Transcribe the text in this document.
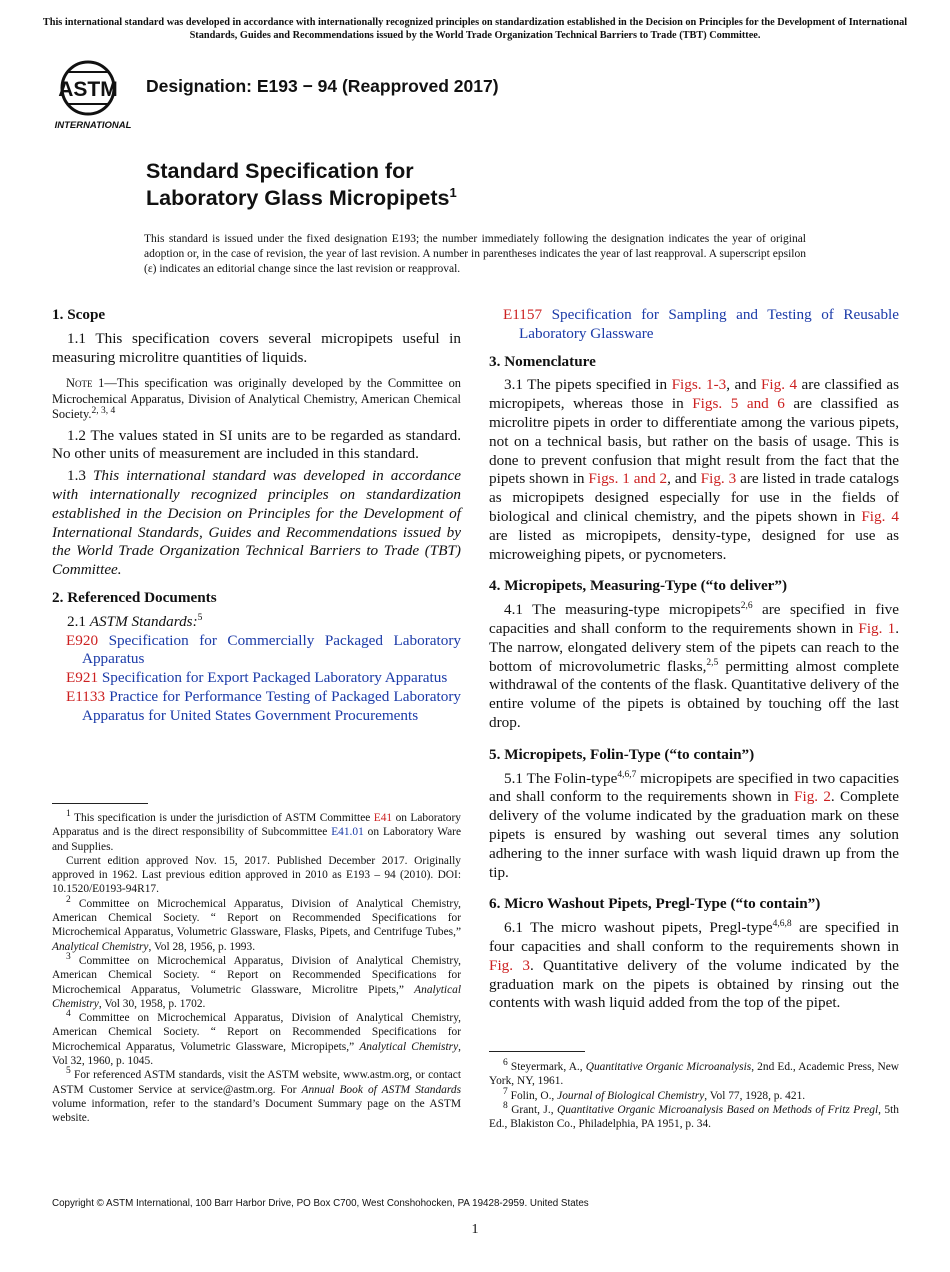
This international standard was developed in accordance with internationally recognized principles on standardization established in the Decision on Principles for the Development of International Standards, Guides and Recommendations issued by the World Trade Organization Technical Barriers to Trade (TBT) Committee.
ASTM
INTERNATIONAL
Designation: E193 − 94 (Reapproved 2017)
Standard Specification for
Laboratory Glass Micropipets$^1$
This standard is issued under the fixed designation E193; the number immediately following the designation indicates the year of original adoption or, in the case of revision, the year of last revision. A number in parentheses indicates the year of last reapproval. A superscript epsilon (ε) indicates an editorial change since the last revision or reapproval.
1. Scope

1.1 This specification covers several micropipets useful in measuring microlitre quantities of liquids.

Note 1—This specification was originally developed by the Committee on Microchemical Apparatus, Division of Analytical Chemistry, American Chemical Society.$^{2, 3, 4}$

1.2 The values stated in SI units are to be regarded as standard. No other units of measurement are included in this standard.

1.3 This international standard was developed in accordance with internationally recognized principles on standardization established in the Decision on Principles for the Development of International Standards, Guides and Recommendations issued by the World Trade Organization Technical Barriers to Trade (TBT) Committee.

2. Referenced Documents

2.1 ASTM Standards:$^5$

E920 Specification for Commercially Packaged Laboratory Apparatus

E921 Specification for Export Packaged Laboratory Apparatus

E1133 Practice for Performance Testing of Packaged Laboratory Apparatus for United States Government Procurements

$^1$ This specification is under the jurisdiction of ASTM Committee E41 on Laboratory Apparatus and is the direct responsibility of Subcommittee E41.01 on Laboratory Ware and Supplies.

Current edition approved Nov. 15, 2017. Published December 2017. Originally approved in 1962. Last previous edition approved in 2010 as E193 – 94 (2010). DOI: 10.1520/E0193-94R17.

$^2$ Committee on Microchemical Apparatus, Division of Analytical Chemistry, American Chemical Society. “ Report on Recommended Specifications for Microchemical Apparatus, Volumetric Glassware, Flasks, Pipets, and Centrifuge Tubes,” Analytical Chemistry, Vol 28, 1956, p. 1993.

$^3$ Committee on Microchemical Apparatus, Division of Analytical Chemistry, American Chemical Society. “ Report on Recommended Specifications for Microchemical Apparatus, Volumetric Glassware, Microlitre Pipets,” Analytical Chemistry, Vol 30, 1958, p. 1702.

$^4$ Committee on Microchemical Apparatus, Division of Analytical Chemistry, American Chemical Society. “ Report on Recommended Specifications for Microchemical Apparatus, Volumetric Glassware, Micropipets,” Analytical Chemistry, Vol 32, 1960, p. 1045.

$^5$ For referenced ASTM standards, visit the ASTM website, www.astm.org, or contact ASTM Customer Service at service@astm.org. For Annual Book of ASTM Standards volume information, refer to the standard’s Document Summary page on the ASTM website.

E1157 Specification for Sampling and Testing of Reusable Laboratory Glassware

3. Nomenclature

3.1 The pipets specified in Figs. 1-3, and Fig. 4 are classified as micropipets, whereas those in Figs. 5 and 6 are classified as microlitre pipets in order to differentiate among the various pipets, not on a technical basis, but rather on the basis of usage. This is done to prevent confusion that might result from the fact that the pipets shown in Figs. 1 and 2, and Fig. 3 are listed in trade catalogs as micropipets designed especially for use in the fields of biological and clinical chemistry, and the pipets shown in Fig. 4 are listed as micropipets, density-type, designed for use as microweighing pipets, or pycnometers.

4. Micropipets, Measuring-Type (“to deliver”)

4.1 The measuring-type micropipets$^{2,6}$ are specified in five capacities and shall conform to the requirements shown in Fig. 1. The narrow, elongated delivery stem of the pipets can reach to the bottom of microvolumetric flasks,$^{2,5}$ permitting almost complete withdrawal of the contents of the flask. Quantitative delivery of the entire volume of the pipets is obtained by touching off the last drop.

5. Micropipets, Folin-Type (“to contain”)

5.1 The Folin-type$^{4,6,7}$ micropipets are specified in two capacities and shall conform to the requirements shown in Fig. 2. Complete delivery of the volume indicated by the graduation mark on these pipets is ensured by washing out several times any solution adhering to the inner surface with wash liquid drawn up from the tip.

6. Micro Washout Pipets, Pregl-Type (“to contain”)

6.1 The micro washout pipets, Pregl-type$^{4,6,8}$ are specified in four capacities and shall conform to the requirements shown in Fig. 3. Quantitative delivery of the volume indicated by the graduation mark on the pipets is obtained by rinsing out the contents with wash liquid added from the top of the pipet.

$^6$ Steyermark, A., Quantitative Organic Microanalysis, 2nd Ed., Academic Press, New York, NY, 1961.

$^7$ Folin, O., Journal of Biological Chemistry, Vol 77, 1928, p. 421.

$^8$ Grant, J., Quantitative Organic Microanalysis Based on Methods of Fritz Pregl, 5th Ed., Blakiston Co., Philadelphia, PA 1951, p. 34.

Copyright © ASTM International, 100 Barr Harbor Drive, PO Box C700, West Conshohocken, PA 19428-2959. United States
1
